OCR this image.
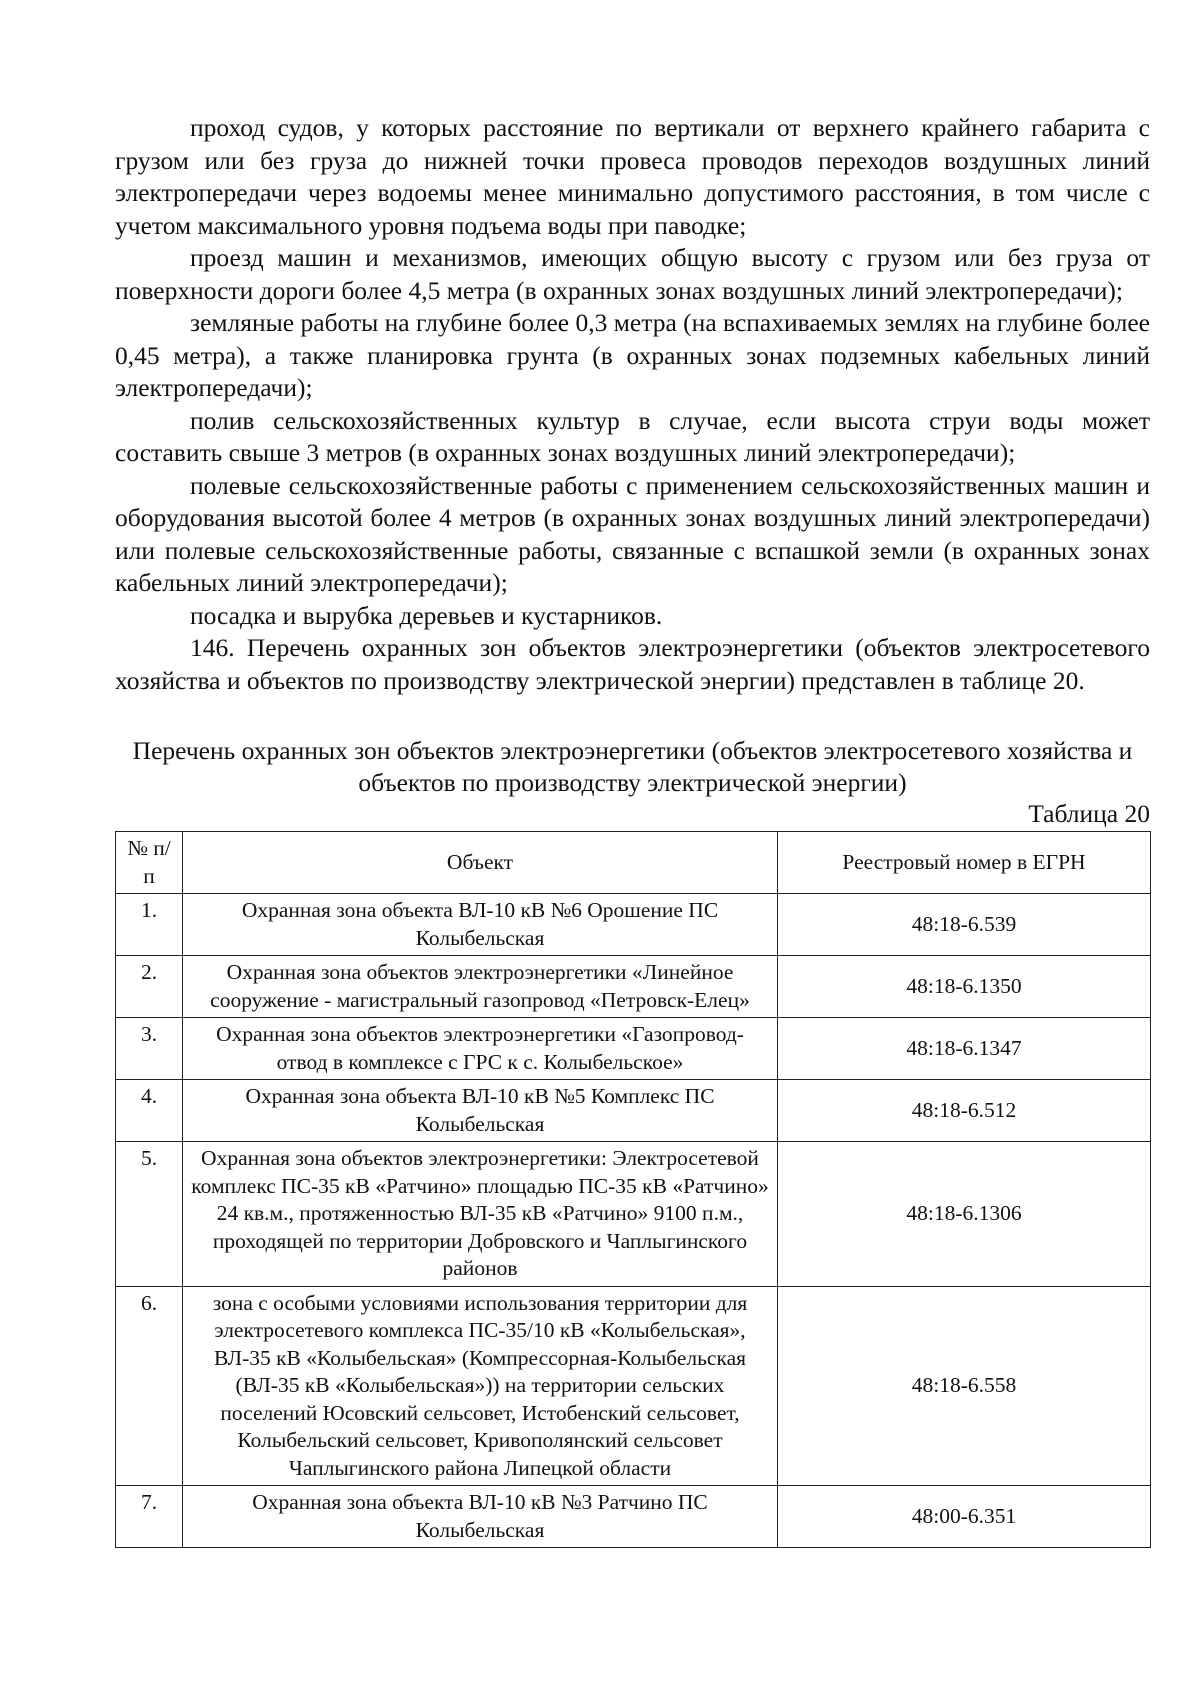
проход судов, у которых расстояние по вертикали от верхнего крайнего габарита с грузом или без груза до нижней точки провеса проводов переходов воздушных линий электропередачи через водоемы менее минимально допустимого расстояния, в том числе с учетом максимального уровня подъема воды при паводке;

проезд машин и механизмов, имеющих общую высоту с грузом или без груза от поверхности дороги более 4,5 метра (в охранных зонах воздушных линий электропередачи);

земляные работы на глубине более 0,3 метра (на вспахиваемых землях на глубине более 0,45 метра), а также планировка грунта (в охранных зонах подземных кабельных линий электропередачи);

полив сельскохозяйственных культур в случае, если высота струи воды может составить свыше 3 метров (в охранных зонах воздушных линий электропередачи);

полевые сельскохозяйственные работы с применением сельскохозяйственных машин и оборудования высотой более 4 метров (в охранных зонах воздушных линий электропередачи) или полевые сельскохозяйственные работы, связанные с вспашкой земли (в охранных зонах кабельных линий электропередачи);

посадка и вырубка деревьев и кустарников.

146. Перечень охранных зон объектов электроэнергетики (объектов электросетевого хозяйства и объектов по производству электрической энергии) представлен в таблице 20.

Перечень охранных зон объектов электроэнергетики (объектов электросетевого хозяйства и объектов по производству электрической энергии)

Таблица 20

№ п/п	Объект	Реестровый номер в ЕГРН
1.	Охранная зона объекта ВЛ-10 кВ №6 Орошение ПС Колыбельская	48:18-6.539
2.	Охранная зона объектов электроэнергетики «Линейное сооружение - магистральный газопровод «Петровск-Елец»	48:18-6.1350
3.	Охранная зона объектов электроэнергетики «Газопровод-отвод в комплексе с ГРС к с. Колыбельское»	48:18-6.1347
4.	Охранная зона объекта ВЛ-10 кВ №5 Комплекс ПС Колыбельская	48:18-6.512
5.	Охранная зона объектов электроэнергетики: Электросетевой комплекс ПС-35 кВ «Ратчино» площадью ПС-35 кВ «Ратчино» 24 кв.м., протяженностью ВЛ-35 кВ «Ратчино» 9100 п.м., проходящей по территории Добровского и Чаплыгинского районов	48:18-6.1306
6.	зона с особыми условиями использования территории для электросетевого комплекса ПС-35/10 кВ «Колыбельская», ВЛ-35 кВ «Колыбельская» (Компрессорная-Колыбельская (ВЛ-35 кВ «Колыбельская»)) на территории сельских поселений Юсовский сельсовет, Истобенский сельсовет, Колыбельский сельсовет, Кривополянский сельсовет Чаплыгинского района Липецкой области	48:18-6.558
7.	Охранная зона объекта ВЛ-10 кВ №3 Ратчино ПС Колыбельская	48:00-6.351
